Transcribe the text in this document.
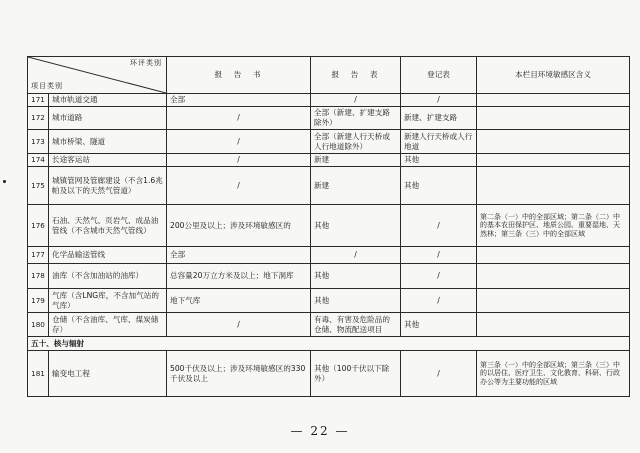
环评类别
项目类别		报　告　书	报　告　表	登记表	本栏目环境敏感区含义
171	城市轨道交通	全部	/	/	
172	城市道路	/	全部（新建、扩建支路除外）	新建、扩建支路	
173	城市桥梁、隧道	/	全部（新建人行天桥或人行地道除外）	新建人行天桥或人行地道	
174	长途客运站	/	新建	其他	
175	城镇管网及管廊建设（不含1.6兆帕及以下的天然气管道）	/	新建	其他	
176	石油、天然气、页岩气、成品油管线（不含城市天然气管线）	200公里及以上；涉及环境敏感区的	其他	/	第二条（一）中的全部区域；第二条（二）中的基本农田保护区、地质公园、重要湿地、天然林；第三条（三）中的全部区域
177	化学品输送管线	全部	/	/	
178	油库（不含加油站的油库）	总容量20万立方米及以上；地下洞库	其他	/	
179	气库（含LNG库，不含加气站的气库）	地下气库	其他	/	
180	仓储（不含油库、气库、煤炭储存）	/	有毒、有害及危险品的仓储、物流配送项目	其他	
五十、核与辐射					
181	输变电工程	500千伏及以上；涉及环境敏感区的330千伏及以上	其他（100千伏以下除外）	/	第三条（一）中的全部区域；第三条（三）中的以居住、医疗卫生、文化教育、科研、行政办公等为主要功能的区域
— 22 —
